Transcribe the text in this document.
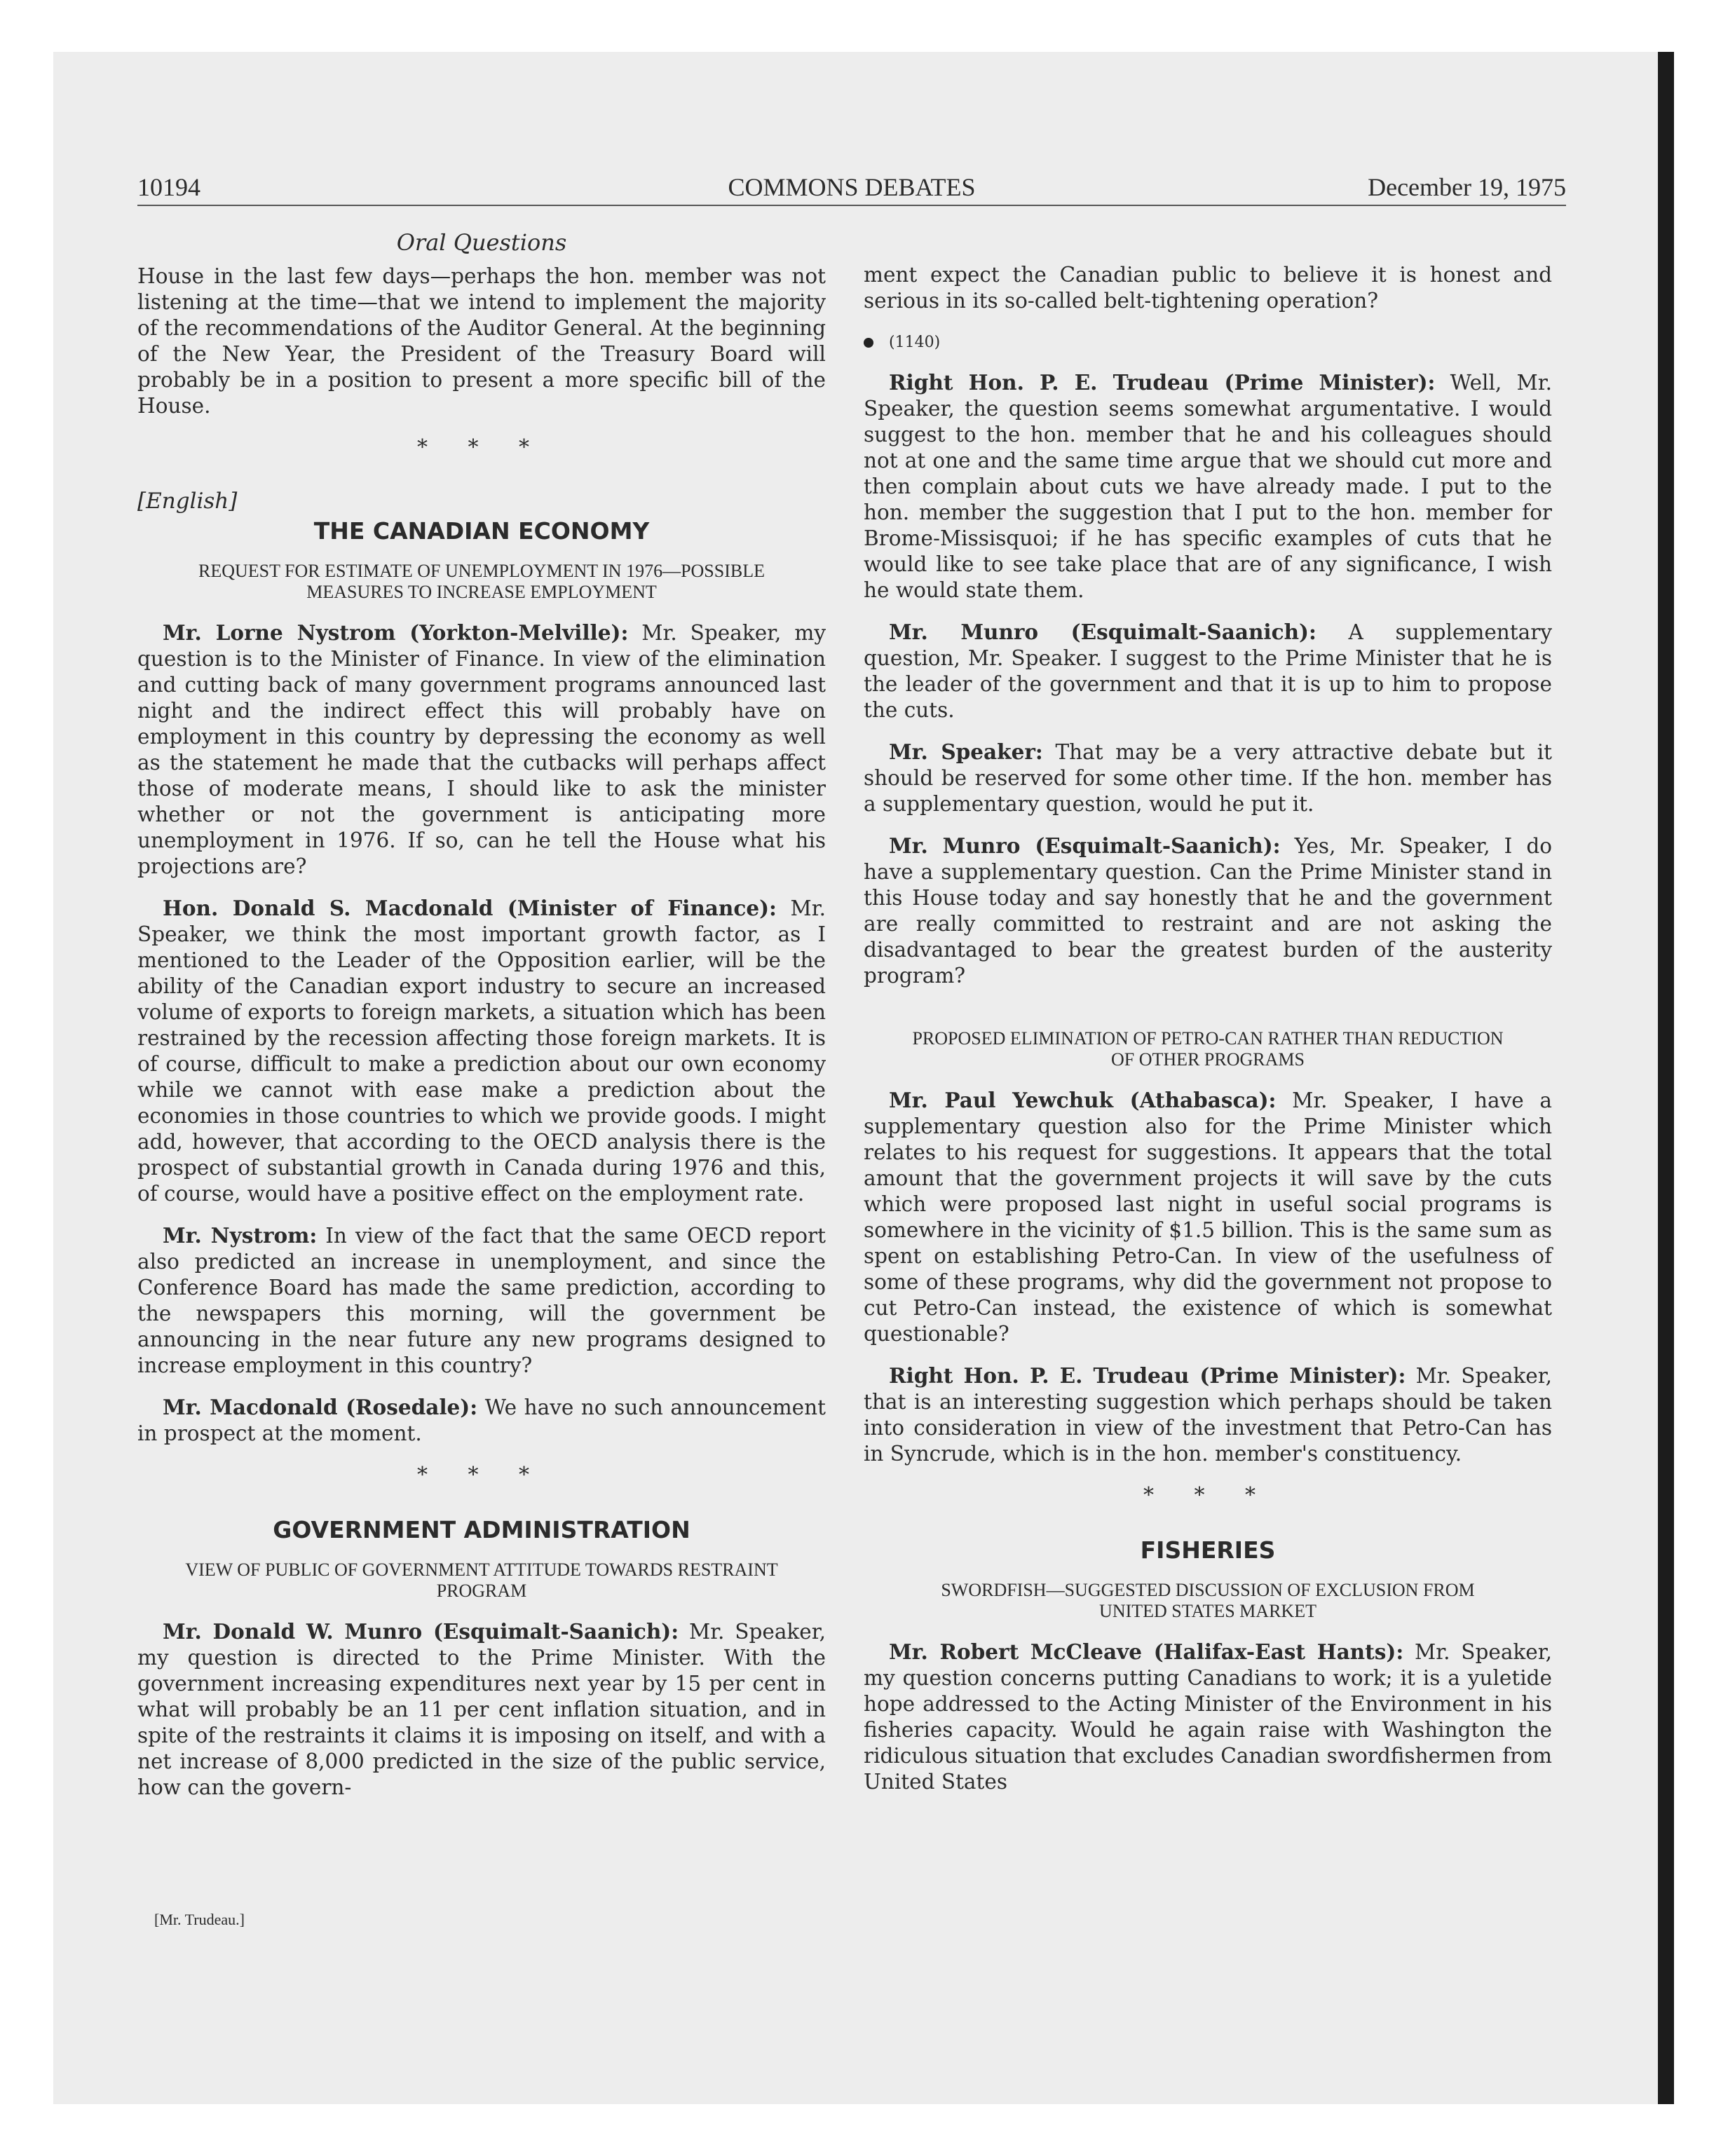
10194	COMMONS DEBATES	December 19, 1975
Oral Questions

House in the last few days—perhaps the hon. member was not listening at the time—that we intend to implement the majority of the recommendations of the Auditor General. At the beginning of the New Year, the President of the Treasury Board will probably be in a position to present a more specific bill of the House.

* * *
[English]
THE CANADIAN ECONOMY
REQUEST FOR ESTIMATE OF UNEMPLOYMENT IN 1976—POSSIBLE MEASURES TO INCREASE EMPLOYMENT

Mr. Lorne Nystrom (Yorkton-Melville): Mr. Speaker, my question is to the Minister of Finance. In view of the elimination and cutting back of many government programs announced last night and the indirect effect this will probably have on employment in this country by depressing the economy as well as the statement he made that the cutbacks will perhaps affect those of moderate means, I should like to ask the minister whether or not the government is anticipating more unemployment in 1976. If so, can he tell the House what his projections are?

Hon. Donald S. Macdonald (Minister of Finance): Mr. Speaker, we think the most important growth factor, as I mentioned to the Leader of the Opposition earlier, will be the ability of the Canadian export industry to secure an increased volume of exports to foreign markets, a situation which has been restrained by the recession affecting those foreign markets. It is of course, difficult to make a prediction about our own economy while we cannot with ease make a prediction about the economies in those countries to which we provide goods. I might add, however, that according to the OECD analysis there is the prospect of substantial growth in Canada during 1976 and this, of course, would have a positive effect on the employment rate.

Mr. Nystrom: In view of the fact that the same OECD report also predicted an increase in unemployment, and since the Conference Board has made the same prediction, according to the newspapers this morning, will the government be announcing in the near future any new programs designed to increase employment in this country?

Mr. Macdonald (Rosedale): We have no such announcement in prospect at the moment.

* * *
GOVERNMENT ADMINISTRATION
VIEW OF PUBLIC OF GOVERNMENT ATTITUDE TOWARDS RESTRAINT PROGRAM

Mr. Donald W. Munro (Esquimalt-Saanich): Mr. Speaker, my question is directed to the Prime Minister. With the government increasing expenditures next year by 15 per cent in what will probably be an 11 per cent inflation situation, and in spite of the restraints it claims it is imposing on itself, and with a net increase of 8,000 predicted in the size of the public service, how can the govern-

[Mr. Trudeau.]

ment expect the Canadian public to believe it is honest and serious in its so-called belt-tightening operation?

(1140)

Right Hon. P. E. Trudeau (Prime Minister): Well, Mr. Speaker, the question seems somewhat argumentative. I would suggest to the hon. member that he and his colleagues should not at one and the same time argue that we should cut more and then complain about cuts we have already made. I put to the hon. member the suggestion that I put to the hon. member for Brome-Missisquoi; if he has specific examples of cuts that he would like to see take place that are of any significance, I wish he would state them.

Mr. Munro (Esquimalt-Saanich): A supplementary question, Mr. Speaker. I suggest to the Prime Minister that he is the leader of the government and that it is up to him to propose the cuts.

Mr. Speaker: That may be a very attractive debate but it should be reserved for some other time. If the hon. member has a supplementary question, would he put it.

Mr. Munro (Esquimalt-Saanich): Yes, Mr. Speaker, I do have a supplementary question. Can the Prime Minister stand in this House today and say honestly that he and the government are really committed to restraint and are not asking the disadvantaged to bear the greatest burden of the austerity program?

PROPOSED ELIMINATION OF PETRO-CAN RATHER THAN REDUCTION OF OTHER PROGRAMS

Mr. Paul Yewchuk (Athabasca): Mr. Speaker, I have a supplementary question also for the Prime Minister which relates to his request for suggestions. It appears that the total amount that the government projects it will save by the cuts which were proposed last night in useful social programs is somewhere in the vicinity of $1.5 billion. This is the same sum as spent on establishing Petro-Can. In view of the usefulness of some of these programs, why did the government not propose to cut Petro-Can instead, the existence of which is somewhat questionable?

Right Hon. P. E. Trudeau (Prime Minister): Mr. Speaker, that is an interesting suggestion which perhaps should be taken into consideration in view of the investment that Petro-Can has in Syncrude, which is in the hon. member's constituency.

* * *
FISHERIES
SWORDFISH—SUGGESTED DISCUSSION OF EXCLUSION FROM UNITED STATES MARKET

Mr. Robert McCleave (Halifax-East Hants): Mr. Speaker, my question concerns putting Canadians to work; it is a yuletide hope addressed to the Acting Minister of the Environment in his fisheries capacity. Would he again raise with Washington the ridiculous situation that excludes Canadian swordfishermen from United States
